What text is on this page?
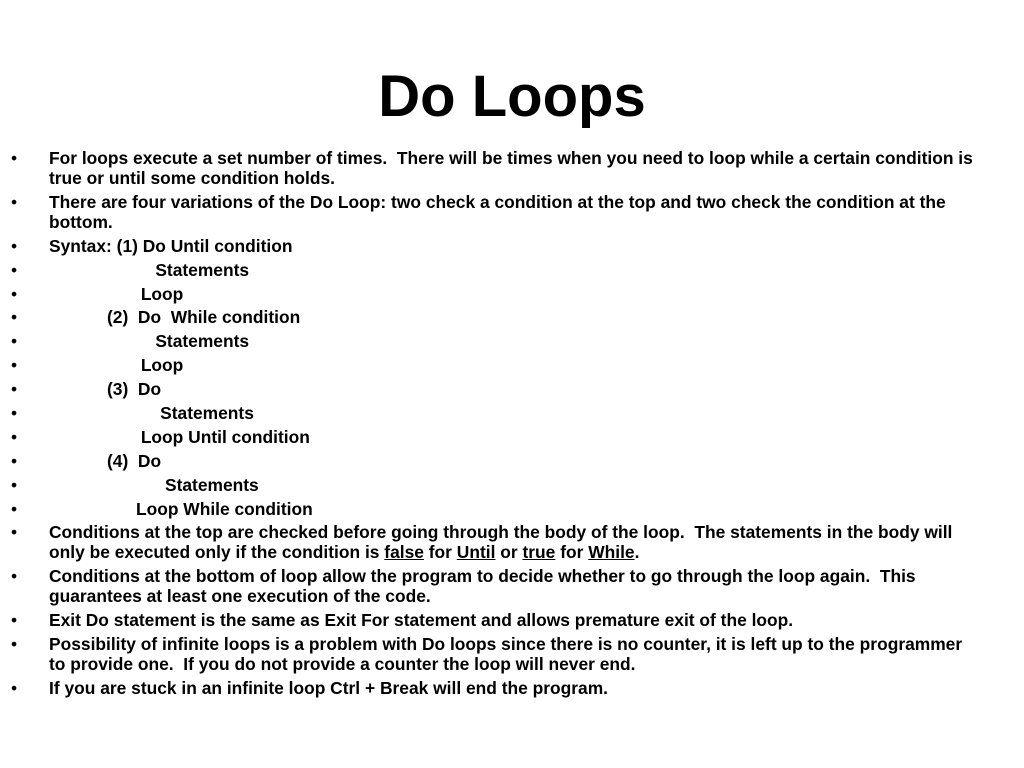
Do Loops
• For loops execute a set number of times.  There will be times when you need to loop while a certain condition is true or until some condition holds.
• There are four variations of the Do Loop: two check a condition at the top and two check the condition at the bottom.
• Syntax: (1) Do Until condition
• Statements
• Loop
• (2)  Do  While condition
• Statements
• Loop
• (3)  Do
• Statements
• Loop Until condition
• (4)  Do
• Statements
• Loop While condition
• Conditions at the top are checked before going through the body of the loop.  The statements in the body will only be executed only if the condition is false for Until or true for While.
• Conditions at the bottom of loop allow the program to decide whether to go through the loop again.  This guarantees at least one execution of the code.
• Exit Do statement is the same as Exit For statement and allows premature exit of the loop.
• Possibility of infinite loops is a problem with Do loops since there is no counter, it is left up to the programmer to provide one.  If you do not provide a counter the loop will never end.
• If you are stuck in an infinite loop Ctrl + Break will end the program.
